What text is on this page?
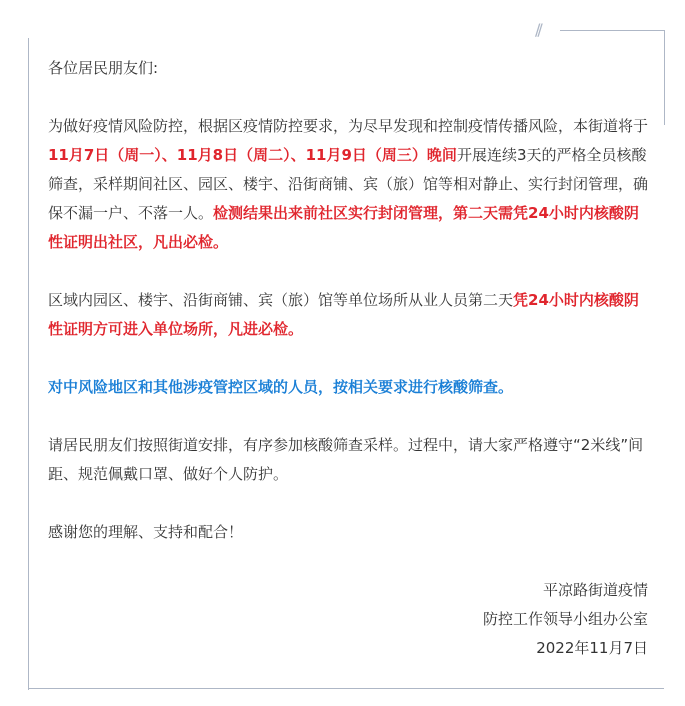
//

各位居民朋友们:

为做好疫情风险防控，根据区疫情防控要求，为尽早发现和控制疫情传播风险，本街道将于11月7日（周一）、11月8日（周二）、11月9日（周三）晚间开展连续3天的严格全员核酸筛查，采样期间社区、园区、楼宇、沿街商铺、宾（旅）馆等相对静止、实行封闭管理，确保不漏一户、不落一人。检测结果出来前社区实行封闭管理，第二天需凭24小时内核酸阴性证明出社区，凡出必检。

区域内园区、楼宇、沿街商铺、宾（旅）馆等单位场所从业人员第二天凭24小时内核酸阴性证明方可进入单位场所，凡进必检。

对中风险地区和其他涉疫管控区域的人员，按相关要求进行核酸筛查。

请居民朋友们按照街道安排，有序参加核酸筛查采样。过程中，请大家严格遵守“2米线”间距、规范佩戴口罩、做好个人防护。

感谢您的理解、支持和配合！

平凉路街道疫情
防控工作领导小组办公室
2022年11月7日
